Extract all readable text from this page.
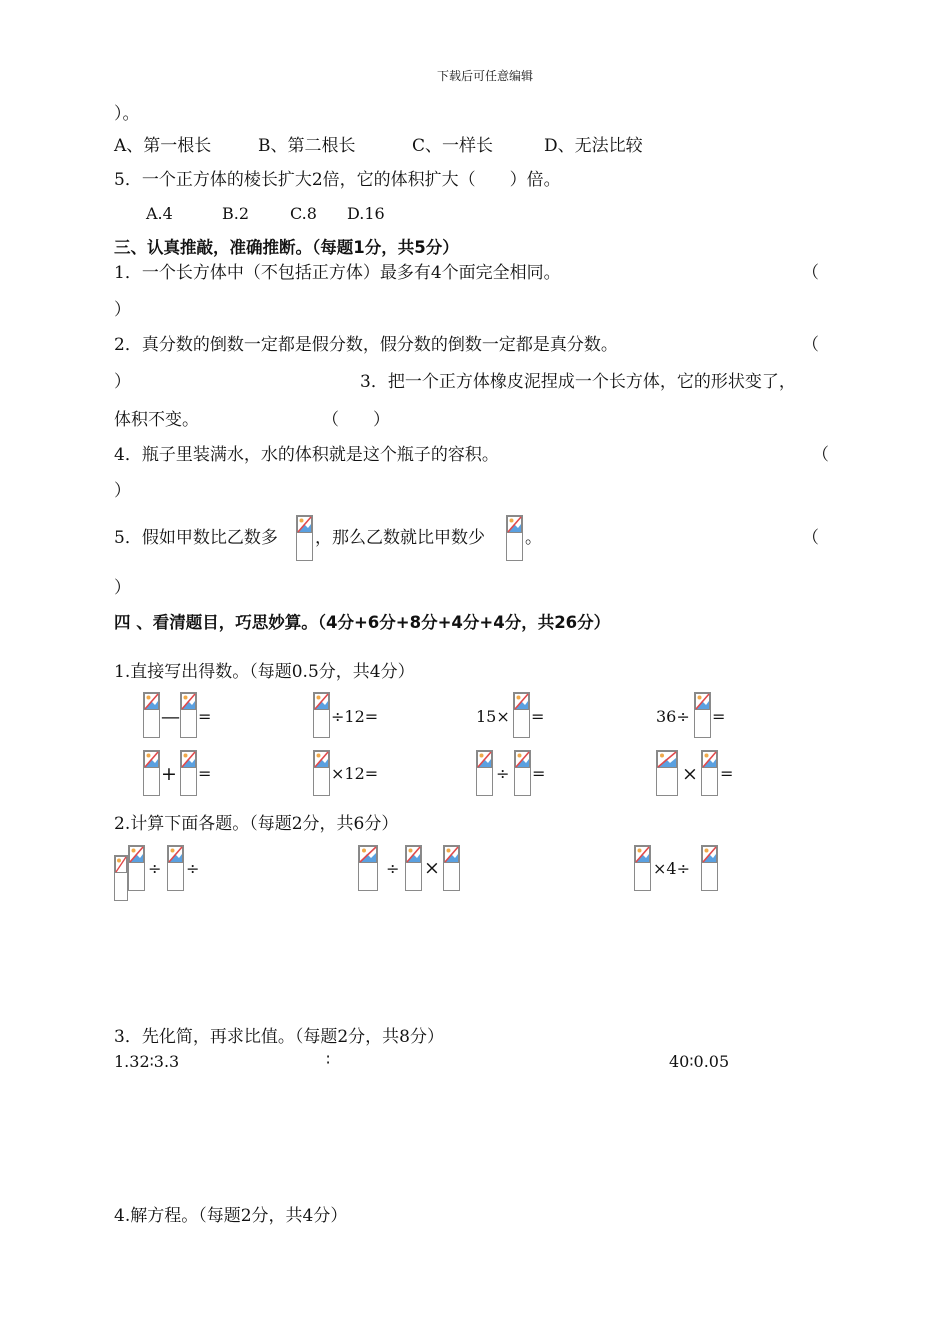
下载后可任意编辑
）。
A、第一根长	B、第二根长	C、一样长	D、无法比较
5．一个正方体的棱长扩大2倍，它的体积扩大（　　）倍。
A.4	B.2	C.8 D.16
三、认真推敲，准确推断。（每题1分，共5分）
1．一个长方体中（不包括正方体）最多有4个面完全相同。	（
）
2．真分数的倒数一定都是假分数，假分数的倒数一定都是真分数。	（
）	3．把一个正方体橡皮泥捏成一个长方体，它的形状变了，
体积不变。	（　　）
4．瓶子里装满水，水的体积就是这个瓶子的容积。	（
）
5．假如甲数比乙数多 ，那么乙数就比甲数少 。	（
）
四 、看清题目，巧思妙算。（4分+6分+8分+4分+4分，共26分）
1.直接写出得数。（每题0.5分，共4分）
— =	÷12=	15× =	36÷ =
+ =	×12=	÷ =	× =
2.计算下面各题。（每题2分，共6分）
÷ ÷	÷ ×	×4÷
3．先化简，再求比值。（每题2分，共8分）
1.32∶3.3	∶	40∶0.05
4.解方程。（每题2分，共4分）
